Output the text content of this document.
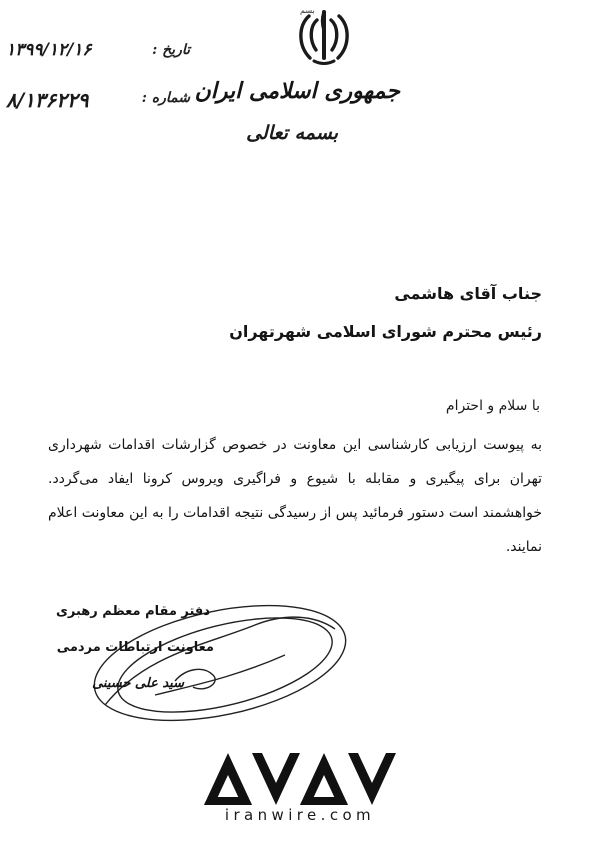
بسم
جمهوری اسلامی ایران
بسمه تعالی
۱۳۹۹/۱۲/۱۶	تاریخ :
۸/۱۳۶۲۲۹	شماره :
جناب آقای هاشمی
رئیس محترم شورای اسلامی شهرتهران
با سلام و احترام
به پیوست ارزیابی کارشناسی این معاونت در خصوص گزارشات اقدامات شهرداری تهران برای پیگیری و مقابله با شیوع و فراگیری ویروس کرونا ایفاد می‌گردد. خواهشمند است دستور فرمائید پس از رسیدگی نتیجه اقدامات را به این معاونت اعلام نمایند.
دفتر مقام معظم رهبری
معاونت ارتباطات مردمی
سید علی حسینی
iranwire.com
